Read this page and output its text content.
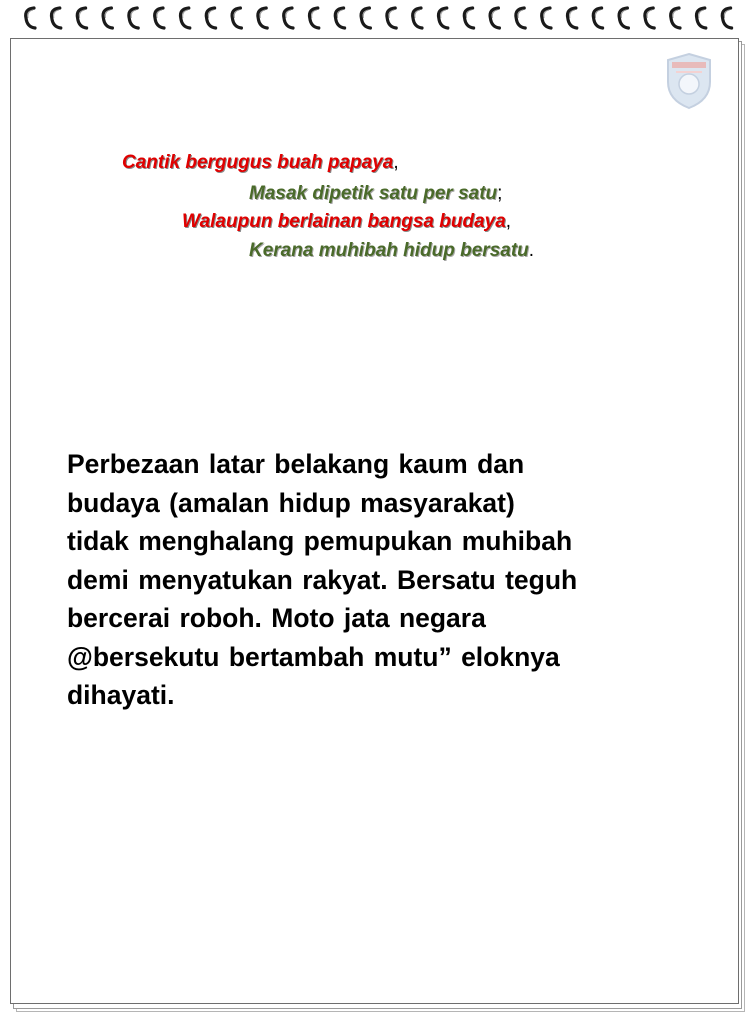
Cantik bergugus buah papaya,
Masak dipetik satu per satu;
Walaupun berlainan bangsa budaya,
Kerana muhibah hidup bersatu.
Perbezaan latar belakang kaum dan
budaya (amalan hidup masyarakat)
tidak menghalang pemupukan muhibah
demi menyatukan rakyat. Bersatu teguh
bercerai roboh. Moto jata negara
@bersekutu bertambah mutu” eloknya
dihayati.
